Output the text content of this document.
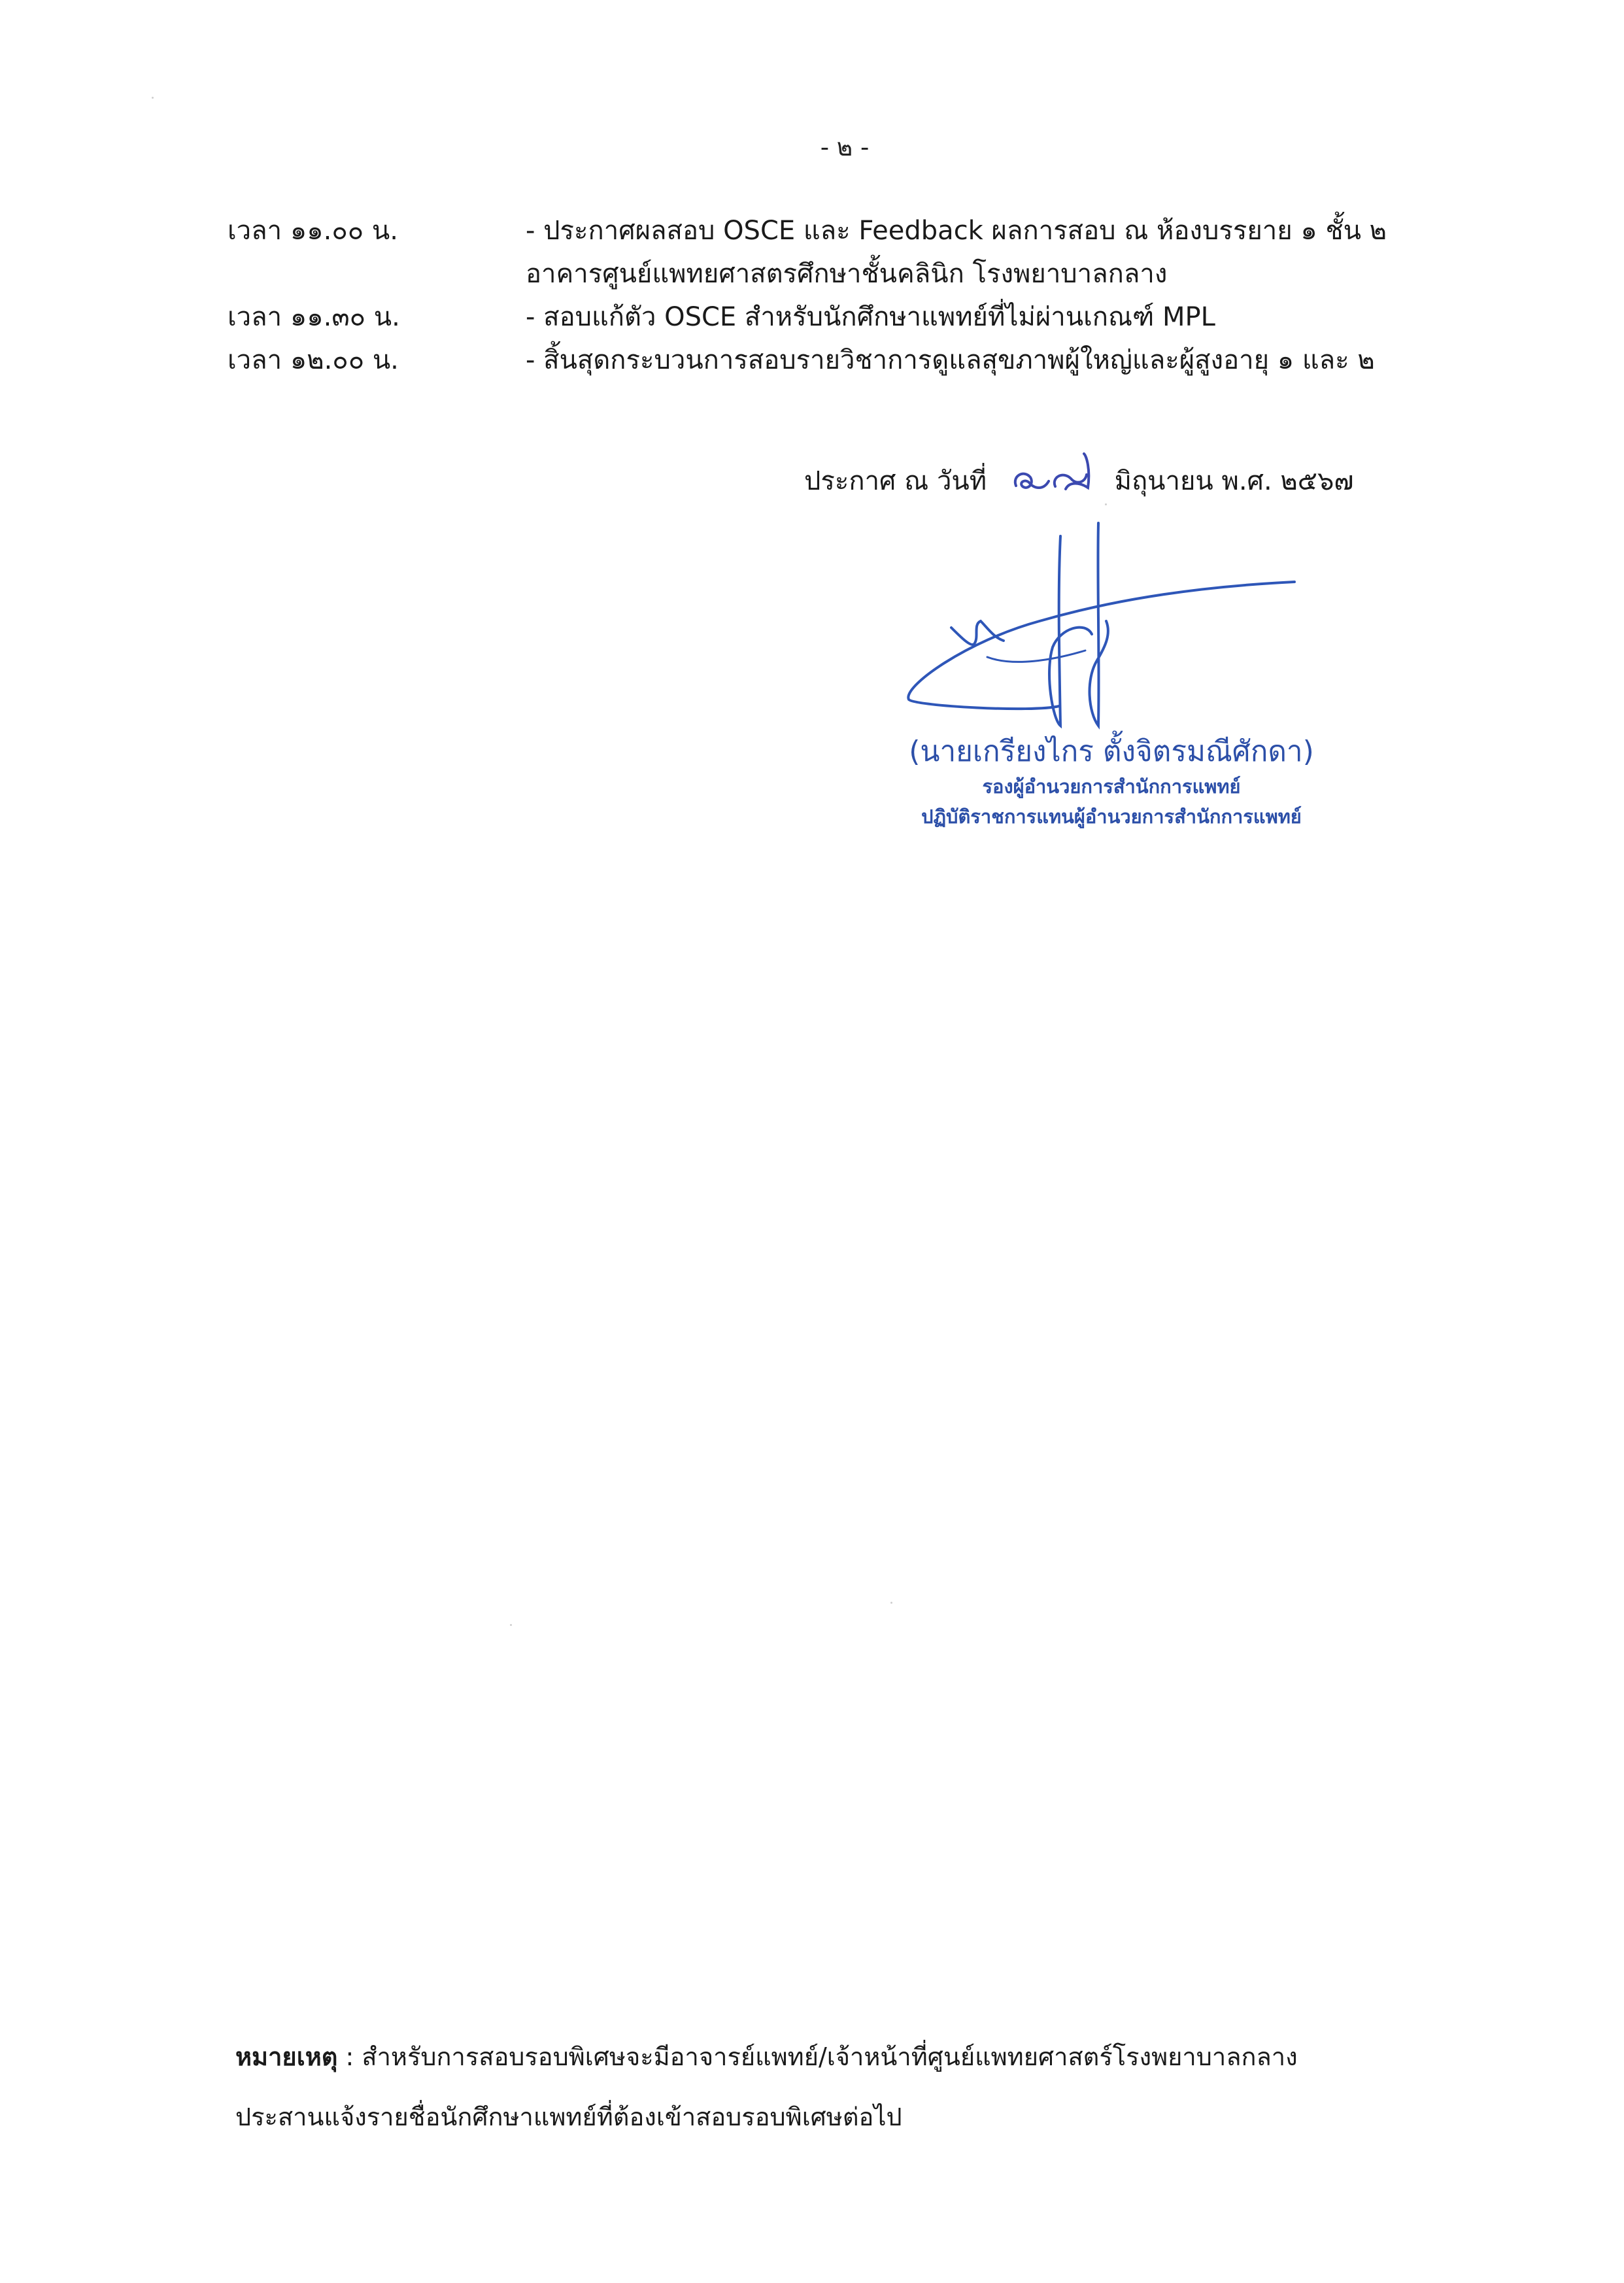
- ๒ -
เวลา ๑๑.๐๐ น.	- ประกาศผลสอบ OSCE และ Feedback ผลการสอบ ณ ห้องบรรยาย ๑ ชั้น ๒
อาคารศูนย์แพทยศาสตรศึกษาชั้นคลินิก โรงพยาบาลกลาง
เวลา ๑๑.๓๐ น.	- สอบแก้ตัว OSCE สำหรับนักศึกษาแพทย์ที่ไม่ผ่านเกณฑ์ MPL
เวลา ๑๒.๐๐ น.	- สิ้นสุดกระบวนการสอบรายวิชาการดูแลสุขภาพผู้ใหญ่และผู้สูงอายุ ๑ และ ๒
ประกาศ ณ วันที่	มิถุนายน พ.ศ. ๒๕๖๗
(นายเกรียงไกร ตั้งจิตรมณีศักดา)
รองผู้อำนวยการสำนักการแพทย์
ปฏิบัติราชการแทนผู้อำนวยการสำนักการแพทย์
หมายเหตุ : สำหรับการสอบรอบพิเศษจะมีอาจารย์แพทย์/เจ้าหน้าที่ศูนย์แพทยศาสตร์โรงพยาบาลกลาง
ประสานแจ้งรายชื่อนักศึกษาแพทย์ที่ต้องเข้าสอบรอบพิเศษต่อไป
